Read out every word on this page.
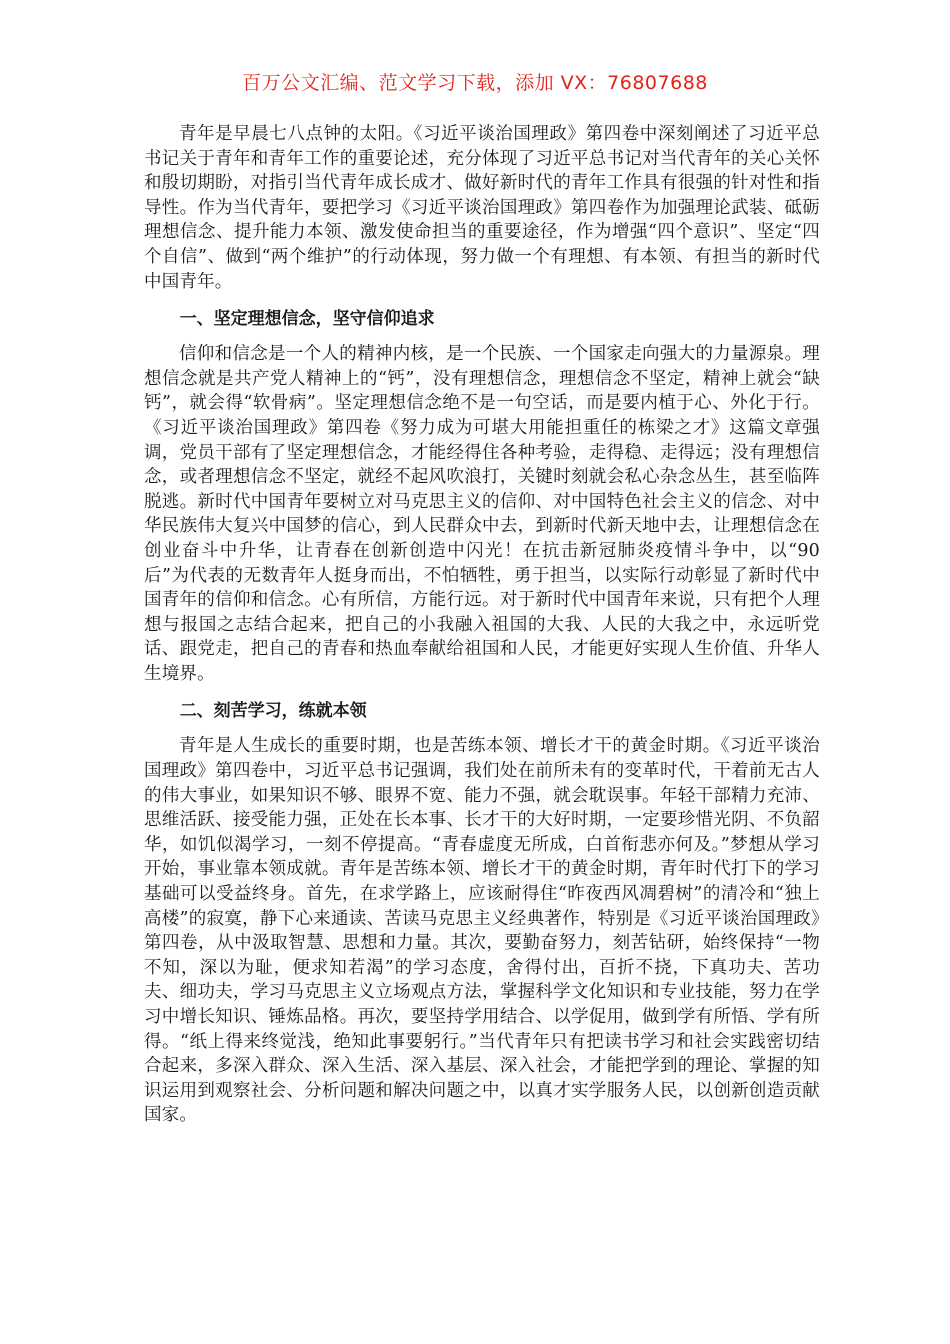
百万公文汇编、范文学习下载，添加 VX：76807688

青年是早晨七八点钟的太阳。《习近平谈治国理政》第四卷中深刻阐述了习近平总书记关于青年和青年工作的重要论述，充分体现了习近平总书记对当代青年的关心关怀和殷切期盼，对指引当代青年成长成才、做好新时代的青年工作具有很强的针对性和指导性。作为当代青年，要把学习《习近平谈治国理政》第四卷作为加强理论武装、砥砺理想信念、提升能力本领、激发使命担当的重要途径，作为增强“四个意识”、坚定“四个自信”、做到“两个维护”的行动体现，努力做一个有理想、有本领、有担当的新时代中国青年。

一、坚定理想信念，坚守信仰追求

信仰和信念是一个人的精神内核，是一个民族、一个国家走向强大的力量源泉。理想信念就是共产党人精神上的“钙”，没有理想信念，理想信念不坚定，精神上就会“缺钙”，就会得“软骨病”。坚定理想信念绝不是一句空话，而是要内植于心、外化于行。《习近平谈治国理政》第四卷《努力成为可堪大用能担重任的栋梁之才》这篇文章强调，党员干部有了坚定理想信念，才能经得住各种考验，走得稳、走得远；没有理想信念，或者理想信念不坚定，就经不起风吹浪打，关键时刻就会私心杂念丛生，甚至临阵脱逃。新时代中国青年要树立对马克思主义的信仰、对中国特色社会主义的信念、对中华民族伟大复兴中国梦的信心，到人民群众中去，到新时代新天地中去，让理想信念在创业奋斗中升华，让青春在创新创造中闪光！在抗击新冠肺炎疫情斗争中，以“90后”为代表的无数青年人挺身而出，不怕牺牲，勇于担当，以实际行动彰显了新时代中国青年的信仰和信念。心有所信，方能行远。对于新时代中国青年来说，只有把个人理想与报国之志结合起来，把自己的小我融入祖国的大我、人民的大我之中，永远听党话、跟党走，把自己的青春和热血奉献给祖国和人民，才能更好实现人生价值、升华人生境界。

二、刻苦学习，练就本领

青年是人生成长的重要时期，也是苦练本领、增长才干的黄金时期。《习近平谈治国理政》第四卷中，习近平总书记强调，我们处在前所未有的变革时代，干着前无古人的伟大事业，如果知识不够、眼界不宽、能力不强，就会耽误事。年轻干部精力充沛、思维活跃、接受能力强，正处在长本事、长才干的大好时期，一定要珍惜光阴、不负韶华，如饥似渴学习，一刻不停提高。“青春虚度无所成，白首衔悲亦何及。”梦想从学习开始，事业靠本领成就。青年是苦练本领、增长才干的黄金时期，青年时代打下的学习基础可以受益终身。首先，在求学路上，应该耐得住“昨夜西风凋碧树”的清冷和“独上高楼”的寂寞，静下心来通读、苦读马克思主义经典著作，特别是《习近平谈治国理政》第四卷，从中汲取智慧、思想和力量。其次，要勤奋努力，刻苦钻研，始终保持“一物不知，深以为耻，便求知若渴”的学习态度，舍得付出，百折不挠，下真功夫、苦功夫、细功夫，学习马克思主义立场观点方法，掌握科学文化知识和专业技能，努力在学习中增长知识、锤炼品格。再次，要坚持学用结合、以学促用，做到学有所悟、学有所得。“纸上得来终觉浅，绝知此事要躬行。”当代青年只有把读书学习和社会实践密切结合起来，多深入群众、深入生活、深入基层、深入社会，才能把学到的理论、掌握的知识运用到观察社会、分析问题和解决问题之中，以真才实学服务人民，以创新创造贡献国家。
